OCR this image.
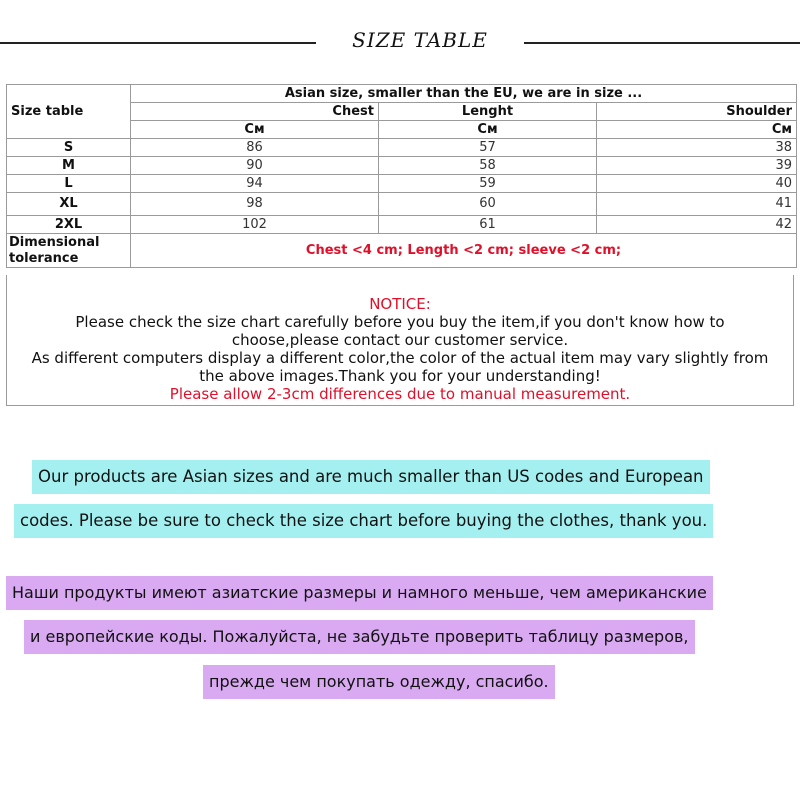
SIZE TABLE
Size table	Asian size, smaller than the EU, we are in size ...		
	Chest	Lenght	Shoulder
	См	См	См
S	86	57	38
M	90	58	39
L	94	59	40
XL	98	60	41
2XL	102	61	42
Dimensional tolerance	Chest <4 cm; Length <2 cm; sleeve <2 cm;		
NOTICE:
Please check the size chart carefully before you buy the item,if you don't know how to
choose,please contact our customer service.
As different computers display a different color,the color of the actual item may vary slightly from
the above images.Thank you for your understanding!
Please allow 2-3cm differences due to manual measurement.
Our products are Asian sizes and are much smaller than US codes and European
codes. Please be sure to check the size chart before buying the clothes, thank you.
Наши продукты имеют азиатские размеры и намного меньше, чем американские
и европейские коды. Пожалуйста, не забудьте проверить таблицу размеров,
прежде чем покупать одежду, спасибо.
